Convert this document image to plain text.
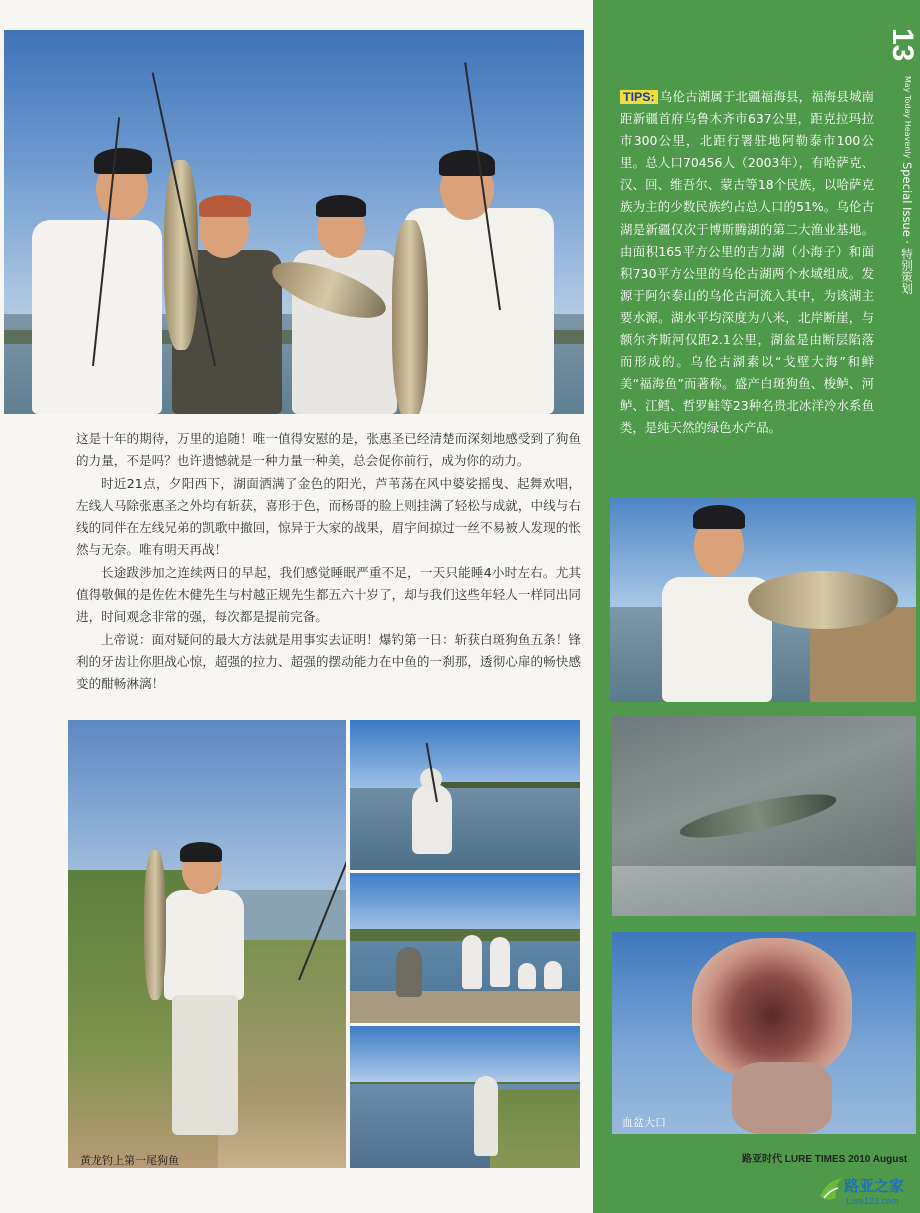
这是十年的期待，万里的追随！唯一值得安慰的是，张惠圣已经清楚而深刻地感受到了狗鱼的力量，不是吗？也许遗憾就是一种力量一种美，总会促你前行，成为你的动力。

时近21点，夕阳西下，湖面洒满了金色的阳光，芦苇荡在风中婆娑摇曳、起舞欢唱，左线人马除张惠圣之外均有斩获，喜形于色，而杨哥的脸上则挂满了轻松与成就，中线与右线的同伴在左线兄弟的凯歌中撤回，惊异于大家的战果，眉宇间掠过一丝不易被人发现的怅然与无奈。唯有明天再战！

长途跋涉加之连续两日的早起，我们感觉睡眠严重不足，一天只能睡4小时左右。尤其值得敬佩的是佐佐木健先生与村越正规先生都五六十岁了，却与我们这些年轻人一样同出同进，时间观念非常的强，每次都是提前完备。

上帝说：面对疑问的最大方法就是用事实去证明！爆钓第一日：斩获白斑狗鱼五条！锋利的牙齿让你胆战心惊，超强的拉力、超强的摆动能力在中鱼的一刹那，透彻心扉的畅快感变的酣畅淋漓！

黄龙钓上第一尾狗鱼
13
May Today Heavenly Special Issue · 特别策划
TIPS: 乌伦古湖属于北疆福海县，福海县城南距新疆首府乌鲁木齐市637公里，距克拉玛拉市300公里，北距行署驻地阿勒泰市100公里。总人口70456人（2003年），有哈萨克、汉、回、维吾尔、蒙古等18个民族，以哈萨克族为主的少数民族约占总人口的51%。乌伦古湖是新疆仅次于博斯腾湖的第二大渔业基地。由面积165平方公里的吉力湖（小海子）和面积730平方公里的乌伦古湖两个水域组成。发源于阿尔泰山的乌伦古河流入其中，为该湖主要水源。湖水平均深度为八米，北岸断崖，与额尔齐斯河仅距2.1公里，湖盆是由断层陷落而形成的。乌伦古湖素以“戈壁大海”和鲜美“福海鱼”而著称。盛产白斑狗鱼、梭鲈、河鲈、江鳕、哲罗鲑等23种名贵北冰洋冷水系鱼类，是纯天然的绿色水产品。
血盆大口
路亚时代 LURE TIMES 2010 August
路亚之家
Lure123.com
